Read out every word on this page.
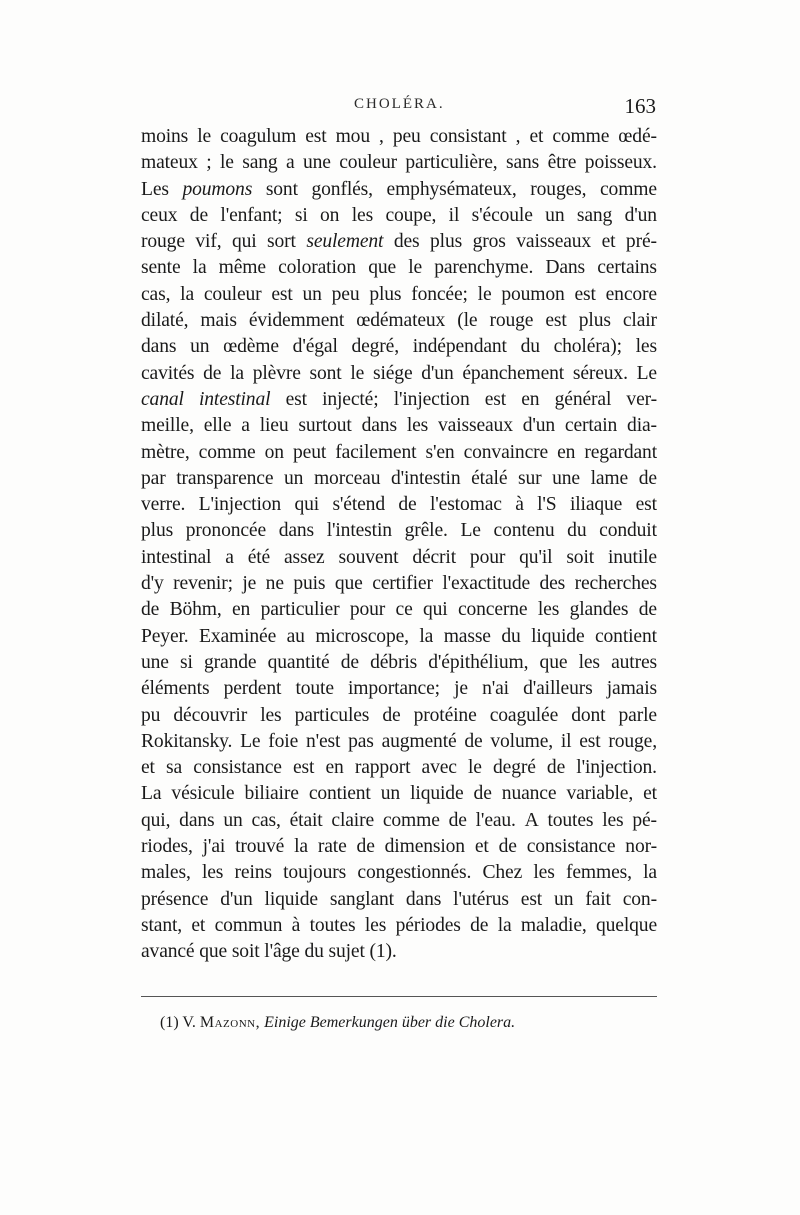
CHOLÉRA.	163
moins le coagulum est mou , peu consistant , et comme œdé-
mateux ; le sang a une couleur particulière, sans être poisseux.
Les poumons sont gonflés, emphysémateux, rouges, comme
ceux de l'enfant; si on les coupe, il s'écoule un sang d'un
rouge vif, qui sort seulement des plus gros vaisseaux et pré-
sente la même coloration que le parenchyme. Dans certains
cas, la couleur est un peu plus foncée; le poumon est encore
dilaté, mais évidemment œdémateux (le rouge est plus clair
dans un œdème d'égal degré, indépendant du choléra); les
cavités de la plèvre sont le siége d'un épanchement séreux. Le
canal intestinal est injecté; l'injection est en général ver-
meille, elle a lieu surtout dans les vaisseaux d'un certain dia-
mètre, comme on peut facilement s'en convaincre en regardant
par transparence un morceau d'intestin étalé sur une lame de
verre. L'injection qui s'étend de l'estomac à l'S iliaque est
plus prononcée dans l'intestin grêle. Le contenu du conduit
intestinal a été assez souvent décrit pour qu'il soit inutile
d'y revenir; je ne puis que certifier l'exactitude des recherches
de Böhm, en particulier pour ce qui concerne les glandes de
Peyer. Examinée au microscope, la masse du liquide contient
une si grande quantité de débris d'épithélium, que les autres
éléments perdent toute importance; je n'ai d'ailleurs jamais
pu découvrir les particules de protéine coagulée dont parle
Rokitansky. Le foie n'est pas augmenté de volume, il est rouge,
et sa consistance est en rapport avec le degré de l'injection.
La vésicule biliaire contient un liquide de nuance variable, et
qui, dans un cas, était claire comme de l'eau. A toutes les pé-
riodes, j'ai trouvé la rate de dimension et de consistance nor-
males, les reins toujours congestionnés. Chez les femmes, la
présence d'un liquide sanglant dans l'utérus est un fait con-
stant, et commun à toutes les périodes de la maladie, quelque
avancé que soit l'âge du sujet (1).
(1) V. Mazonn, Einige Bemerkungen über die Cholera.
